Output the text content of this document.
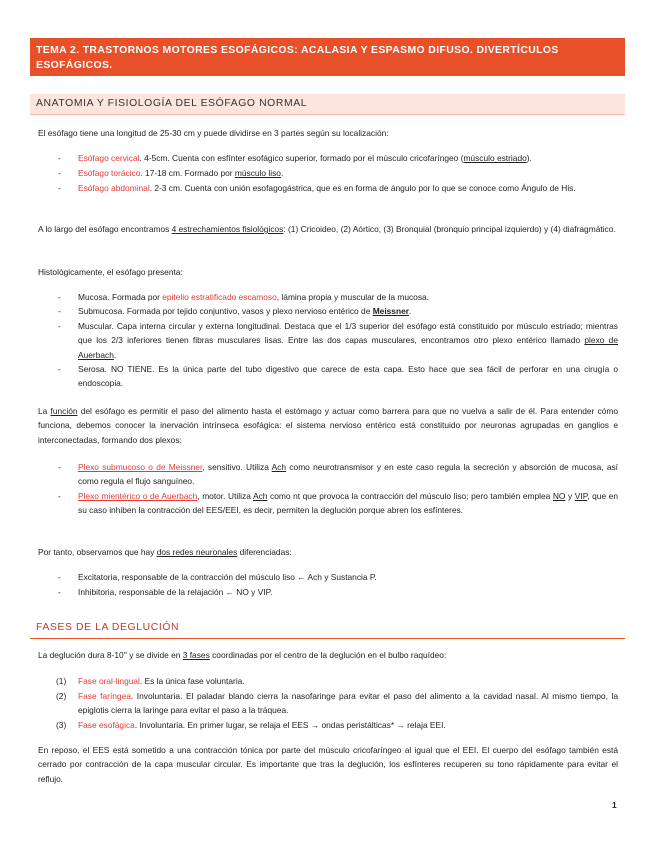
TEMA 2. TRASTORNOS MOTORES ESOFÁGICOS: ACALASIA Y ESPASMO DIFUSO. DIVERTÍCULOS ESOFÁGICOS.
ANATOMIA Y FISIOLOGÍA DEL ESÓFAGO NORMAL
El esófago tiene una longitud de 25-30 cm y puede dividirse en 3 partes según su localización:
- Esófago cervical. 4-5cm. Cuenta con esfínter esofágico superior, formado por el músculo cricofaríngeo (músculo estriado).
- Esófago torácico. 17-18 cm. Formado por músculo liso.
- Esófago abdominal. 2-3 cm. Cuenta con unión esofagogástrica, que es en forma de ángulo por lo que se conoce como Ángulo de His.
A lo largo del esófago encontramos 4 estrechamientos fisiológicos: (1) Cricoideo, (2) Aórtico, (3) Bronquial (bronquio principal izquierdo) y (4) diafragmático.
Histológicamente, el esófago presenta:
- Mucosa. Formada por epitelio estratificado escamoso, lámina propia y muscular de la mucosa.
- Submucosa. Formada por tejido conjuntivo, vasos y plexo nervioso entérico de Meissner.
- Muscular. Capa interna circular y externa longitudinal. Destaca que el 1/3 superior del esófago está constituido por músculo estriado; mientras que los 2/3 inferiores tienen fibras musculares lisas. Entre las dos capas musculares, encontramos otro plexo entérico llamado plexo de Auerbach.
- Serosa. NO TIENE. Es la única parte del tubo digestivo que carece de esta capa. Esto hace que sea fácil de perforar en una cirugía o endoscopia.
La función del esófago es permitir el paso del alimento hasta el estómago y actuar como barrera para que no vuelva a salir de él. Para entender cómo funciona, debemos conocer la inervación intrínseca esofágica: el sistema nervioso entérico está constituido por neuronas agrupadas en ganglios e interconectadas, formando dos plexos:
- Plexo submucoso o de Meissner, sensitivo. Utiliza Ach como neurotransmisor y en este caso regula la secreción y absorción de mucosa, así como regula el flujo sanguíneo.
- Plexo mientérico o de Auerbach, motor. Utiliza Ach como nt que provoca la contracción del músculo liso; pero también emplea NO y VIP, que en su caso inhiben la contracción del EES/EEI, es decir, permiten la deglución porque abren los esfínteres.
Por tanto, observamos que hay dos redes neuronales diferenciadas:
- Excitatoria, responsable de la contracción del músculo liso ← Ach y Sustancia P.
- Inhibitoria, responsable de la relajación ← NO y VIP.
FASES DE LA DEGLUCIÓN
La deglución dura 8-10'' y se divide en 3 fases coordinadas por el centro de la deglución en el bulbo raquídeo:
(1) Fase oral-lingual. Es la única fase voluntaria.
(2) Fase faríngea. Involuntaria. El paladar blando cierra la nasofaringe para evitar el paso del alimento a la cavidad nasal. Al mismo tiempo, la epiglotis cierra la laringe para evitar el paso a la tráquea.
(3) Fase esofágica. Involuntaria. En primer lugar, se relaja el EES → ondas peristálticas* → relaja EEI.
En reposo, el EES está sometido a una contracción tónica por parte del músculo cricofaríngeo al igual que el EEI. El cuerpo del esófago también está cerrado por contracción de la capa muscular circular. Es importante que tras la deglución, los esfínteres recuperen su tono rápidamente para evitar el reflujo.
1
